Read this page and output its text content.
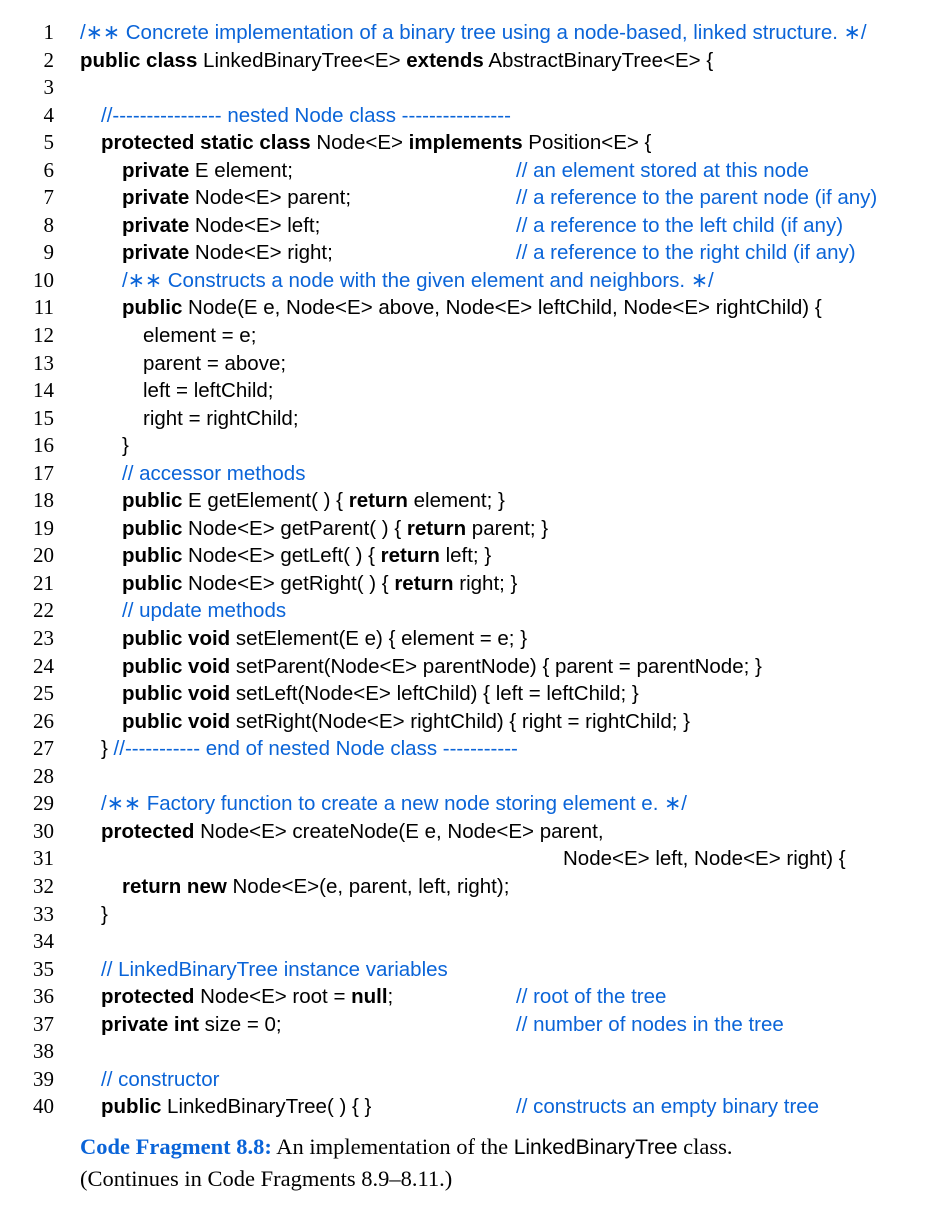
1 /∗∗ Concrete implementation of a binary tree using a node-based, linked structure. ∗/
2 public class LinkedBinaryTree<E> extends AbstractBinaryTree<E> {
3
4	//---------------- nested Node class ----------------
5	protected static class Node<E> implements Position<E> {
6	private E element;	// an element stored at this node
7	private Node<E> parent;	// a reference to the parent node (if any)
8	private Node<E> left;	// a reference to the left child (if any)
9	private Node<E> right;	// a reference to the right child (if any)
10	/∗∗ Constructs a node with the given element and neighbors. ∗/
11	public Node(E e, Node<E> above, Node<E> leftChild, Node<E> rightChild) {
12	element = e;
13	parent = above;
14	left = leftChild;
15	right = rightChild;
16	}
17	// accessor methods
18	public E getElement( ) { return element; }
19	public Node<E> getParent( ) { return parent; }
20	public Node<E> getLeft( ) { return left; }
21	public Node<E> getRight( ) { return right; }
22	// update methods
23	public void setElement(E e) { element = e; }
24	public void setParent(Node<E> parentNode) { parent = parentNode; }
25	public void setLeft(Node<E> leftChild) { left = leftChild; }
26	public void setRight(Node<E> rightChild) { right = rightChild; }
27	} //----------- end of nested Node class -----------
28
29	/∗∗ Factory function to create a new node storing element e. ∗/
30	protected Node<E> createNode(E e, Node<E> parent,
31	Node<E> left, Node<E> right) {
32	return new Node<E>(e, parent, left, right);
33	}
34
35	// LinkedBinaryTree instance variables
36	protected Node<E> root = null;	// root of the tree
37	private int size = 0;	// number of nodes in the tree
38
39	// constructor
40	public LinkedBinaryTree( ) { }	// constructs an empty binary tree
Code Fragment 8.8: An implementation of the LinkedBinaryTree class.
(Continues in Code Fragments 8.9–8.11.)
